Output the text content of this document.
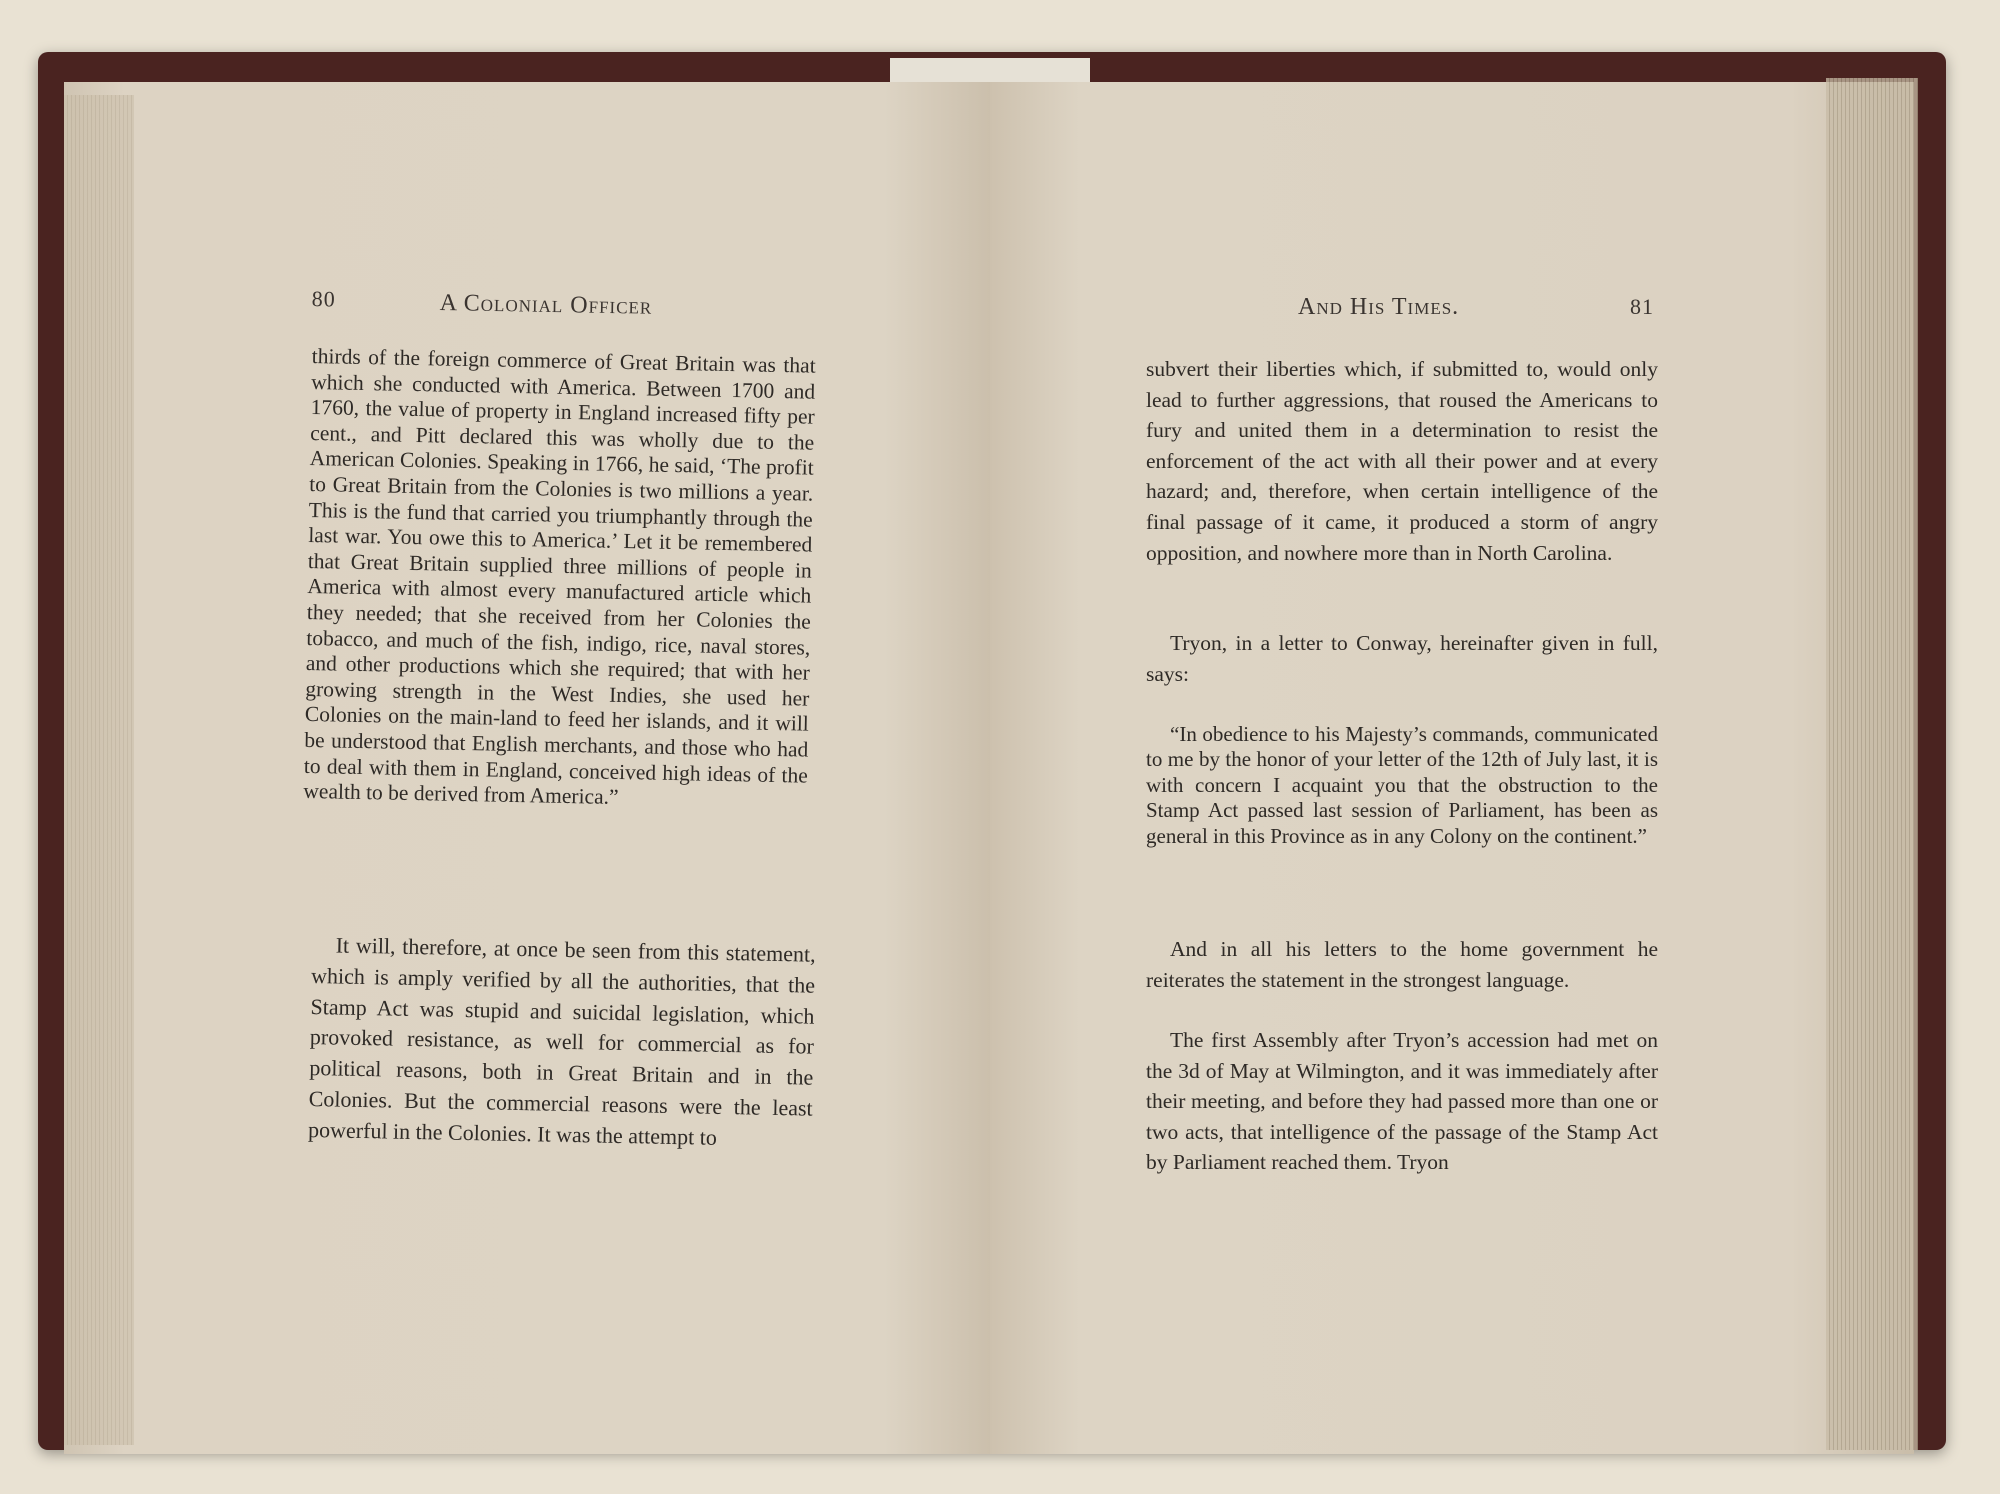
80	A Colonial Officer

thirds of the foreign commerce of Great Britain was that which she conducted with America. Between 1700 and 1760, the value of property in England increased fifty per cent., and Pitt declared this was wholly due to the American Colonies. Speaking in 1766, he said, ‘The profit to Great Britain from the Colonies is two millions a year. This is the fund that carried you triumphantly through the last war. You owe this to America.’ Let it be remembered that Great Britain supplied three millions of people in America with almost every manufactured article which they needed; that she received from her Colonies the tobacco, and much of the fish, indigo, rice, naval stores, and other productions which she required; that with her growing strength in the West Indies, she used her Colonies on the main-land to feed her islands, and it will be understood that English merchants, and those who had to deal with them in England, conceived high ideas of the wealth to be derived from America.”

It will, therefore, at once be seen from this statement, which is amply verified by all the authorities, that the Stamp Act was stupid and suicidal legislation, which provoked resistance, as well for commercial as for political reasons, both in Great Britain and in the Colonies. But the commercial reasons were the least powerful in the Colonies. It was the attempt to

And His Times.	81

subvert their liberties which, if submitted to, would only lead to further aggressions, that roused the Americans to fury and united them in a determination to resist the enforcement of the act with all their power and at every hazard; and, therefore, when certain intelligence of the final passage of it came, it produced a storm of angry opposition, and nowhere more than in North Carolina.

Tryon, in a letter to Conway, hereinafter given in full, says:

“In obedience to his Majesty’s commands, communicated to me by the honor of your letter of the 12th of July last, it is with concern I acquaint you that the obstruction to the Stamp Act passed last session of Parliament, has been as general in this Province as in any Colony on the continent.”

And in all his letters to the home government he reiterates the statement in the strongest language.

The first Assembly after Tryon’s accession had met on the 3d of May at Wilmington, and it was immediately after their meeting, and before they had passed more than one or two acts, that intelligence of the passage of the Stamp Act by Parliament reached them. Tryon
